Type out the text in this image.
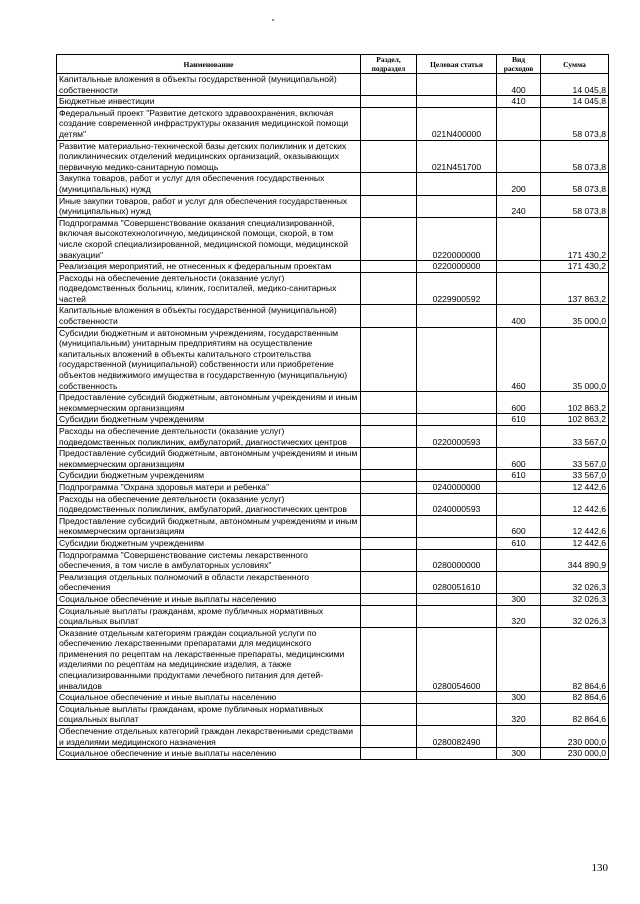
Наименование	Раздел, подраздел	Целевая статья	Вид расходов	Сумма
Капитальные вложения в объекты государственной (муниципальной) собственности			400	14 045,8
Бюджетные инвестиции			410	14 045,8
Федеральный проект "Развитие детского здравоохранения, включая создание современной инфраструктуры оказания медицинской помощи детям"		021N400000		58 073,8
Развитие материально-технической базы детских поликлиник и детских поликлинических отделений медицинских организаций, оказывающих первичную медико-санитарную помощь		021N451700		58 073,8
Закупка товаров, работ и услуг для обеспечения государственных (муниципальных) нужд			200	58 073,8
Иные закупки товаров, работ и услуг для обеспечения государственных (муниципальных) нужд			240	58 073,8
Подпрограмма "Совершенствование оказания специализированной, включая высокотехнологичную, медицинской помощи, скорой, в том числе скорой специализированной, медицинской помощи, медицинской эвакуации"		0220000000		171 430,2
Реализация мероприятий, не отнесенных к федеральным проектам		0220000000		171 430,2
Расходы на обеспечение деятельности (оказание услуг) подведомственных больниц, клиник, госпиталей, медико-санитарных частей		0229900592		137 863,2
Капитальные вложения в объекты государственной (муниципальной) собственности			400	35 000,0
Субсидии бюджетным и автономным учреждениям, государственным (муниципальным) унитарным предприятиям на осуществление капитальных вложений в объекты капитального строительства государственной (муниципальной) собственности или приобретение объектов недвижимого имущества в государственную (муниципальную) собственность			460	35 000,0
Предоставление субсидий бюджетным, автономным учреждениям и иным некоммерческим организациям			600	102 863,2
Субсидии бюджетным учреждениям			610	102 863,2
Расходы на обеспечение деятельности (оказание услуг) подведомственных поликлиник, амбулаторий, диагностических центров		0220000593		33 567,0
Предоставление субсидий бюджетным, автономным учреждениям и иным некоммерческим организациям			600	33 567,0
Субсидии бюджетным учреждениям			610	33 567,0
Подпрограмма "Охрана здоровья матери и ребенка"		0240000000		12 442,6
Расходы на обеспечение деятельности (оказание услуг) подведомственных поликлиник, амбулаторий, диагностических центров		0240000593		12 442,6
Предоставление субсидий бюджетным, автономным учреждениям и иным некоммерческим организациям			600	12 442,6
Субсидии бюджетным учреждениям			610	12 442,6
Подпрограмма "Совершенствование системы лекарственного обеспечения, в том числе в амбулаторных условиях"		0280000000		344 890,9
Реализация отдельных полномочий в области лекарственного обеспечения		0280051610		32 026,3
Социальное обеспечение и иные выплаты населению			300	32 026,3
Социальные выплаты гражданам, кроме публичных нормативных социальных выплат			320	32 026,3
Оказание отдельным категориям граждан социальной услуги по обеспечению лекарственными препаратами для медицинского применения по рецептам на лекарственные препараты, медицинскими изделиями по рецептам на медицинские изделия, а также специализированными продуктами лечебного питания для детей-инвалидов		0280054600		82 864,6
Социальное обеспечение и иные выплаты населению			300	82 864,6
Социальные выплаты гражданам, кроме публичных нормативных социальных выплат			320	82 864,6
Обеспечение отдельных категорий граждан лекарственными средствами и изделиями медицинского назначения		0280082490		230 000,0
Социальное обеспечение и иные выплаты населению			300	230 000,0
130
